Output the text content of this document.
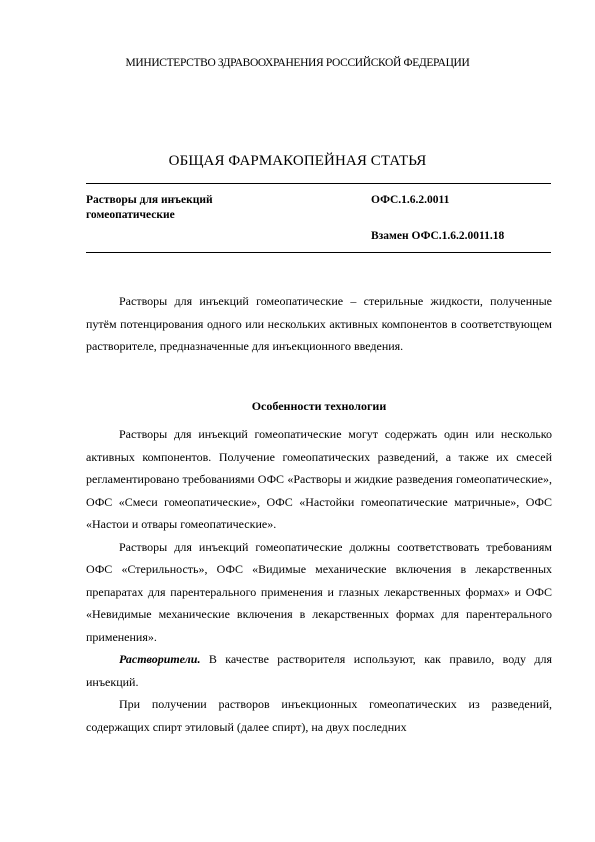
МИНИСТЕРСТВО ЗДРАВООХРАНЕНИЯ РОССИЙСКОЙ ФЕДЕРАЦИИ
ОБЩАЯ ФАРМАКОПЕЙНАЯ СТАТЬЯ
Растворы для инъекций
гомеопатические
ОФС.1.6.2.0011
Взамен ОФС.1.6.2.0011.18

Растворы для инъекций гомеопатические – стерильные жидкости, полученные путём потенцирования одного или нескольких активных компонентов в соответствующем растворителе, предназначенные для инъекционного введения.

Особенности технологии

Растворы для инъекций гомеопатические могут содержать один или несколько активных компонентов. Получение гомеопатических разведений, а также их смесей регламентировано требованиями ОФС «Растворы и жидкие разведения гомеопатические», ОФС «Смеси гомеопатические», ОФС «Настойки гомеопатические матричные», ОФС «Настои и отвары гомеопатические».

Растворы для инъекций гомеопатические должны соответствовать требованиям ОФС «Стерильность», ОФС «Видимые механические включения в лекарственных препаратах для парентерального применения и глазных лекарственных формах» и ОФС «Невидимые механические включения в лекарственных формах для парентерального применения».

Растворители. В качестве растворителя используют, как правило, воду для инъекций.

При получении растворов инъекционных гомеопатических из разведений, содержащих спирт этиловый (далее спирт), на двух последних
